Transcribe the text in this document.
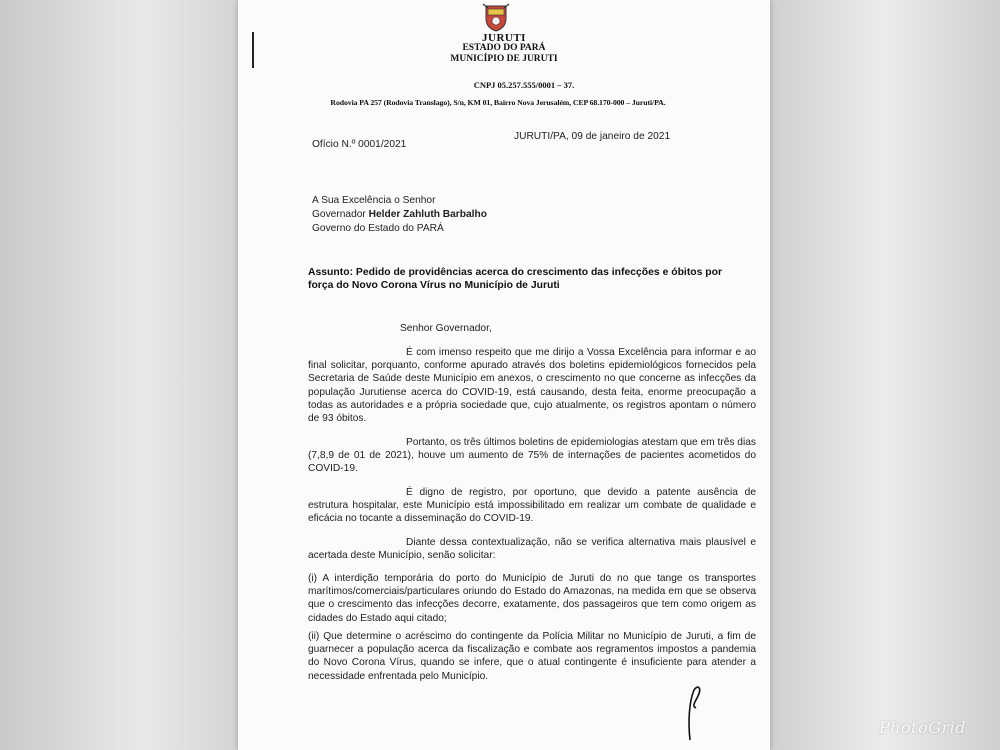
JURUTI
ESTADO DO PARÁ
MUNICÍPIO DE JURUTI
CNPJ 05.257.555/0001 – 37.
Rodovia PA 257 (Rodovia Translago), S/n, KM 01, Bairro Nova Jerusalém, CEP 68.170-000 – Juruti/PA.
Ofício N.º 0001/2021
JURUTI/PA, 09 de janeiro de 2021
A Sua Excelência o Senhor
Governador Helder Zahluth Barbalho
Governo do Estado do PARÁ
Assunto: Pedido de providências acerca do crescimento das infecções e óbitos por força do Novo Corona Vírus no Município de Juruti
Senhor Governador,

É com imenso respeito que me dirijo a Vossa Excelência para informar e ao final solicitar, porquanto, conforme apurado através dos boletins epidemiológicos fornecidos pela Secretaria de Saúde deste Município em anexos, o crescimento no que concerne as infecções da população Jurutiense acerca do COVID-19, está causando, desta feita, enorme preocupação a todas as autoridades e a própria sociedade que, cujo atualmente, os registros apontam o número de 93 óbitos.

Portanto, os três últimos boletins de epidemiologias atestam que em três dias (7,8,9 de 01 de 2021), houve um aumento de 75% de internações de pacientes acometidos do COVID-19.

É digno de registro, por oportuno, que devido a patente ausência de estrutura hospitalar, este Município está impossibilitado em realizar um combate de qualidade e eficácia no tocante a disseminação do COVID-19.

Diante dessa contextualização, não se verifica alternativa mais plausível e acertada deste Município, senão solicitar:

(i) A interdição temporária do porto do Município de Juruti do no que tange os transportes marítimos/comerciais/particulares oriundo do Estado do Amazonas, na medida em que se observa que o crescimento das infecções decorre, exatamente, dos passageiros que tem como origem as cidades do Estado aqui citado;

(ii) Que determine o acréscimo do contingente da Polícia Militar no Município de Juruti, a fim de guarnecer a população acerca da fiscalização e combate aos regramentos impostos a pandemia do Novo Corona Vírus, quando se infere, que o atual contingente é insuficiente para atender a necessidade enfrentada pelo Município.

PhotoGrid
